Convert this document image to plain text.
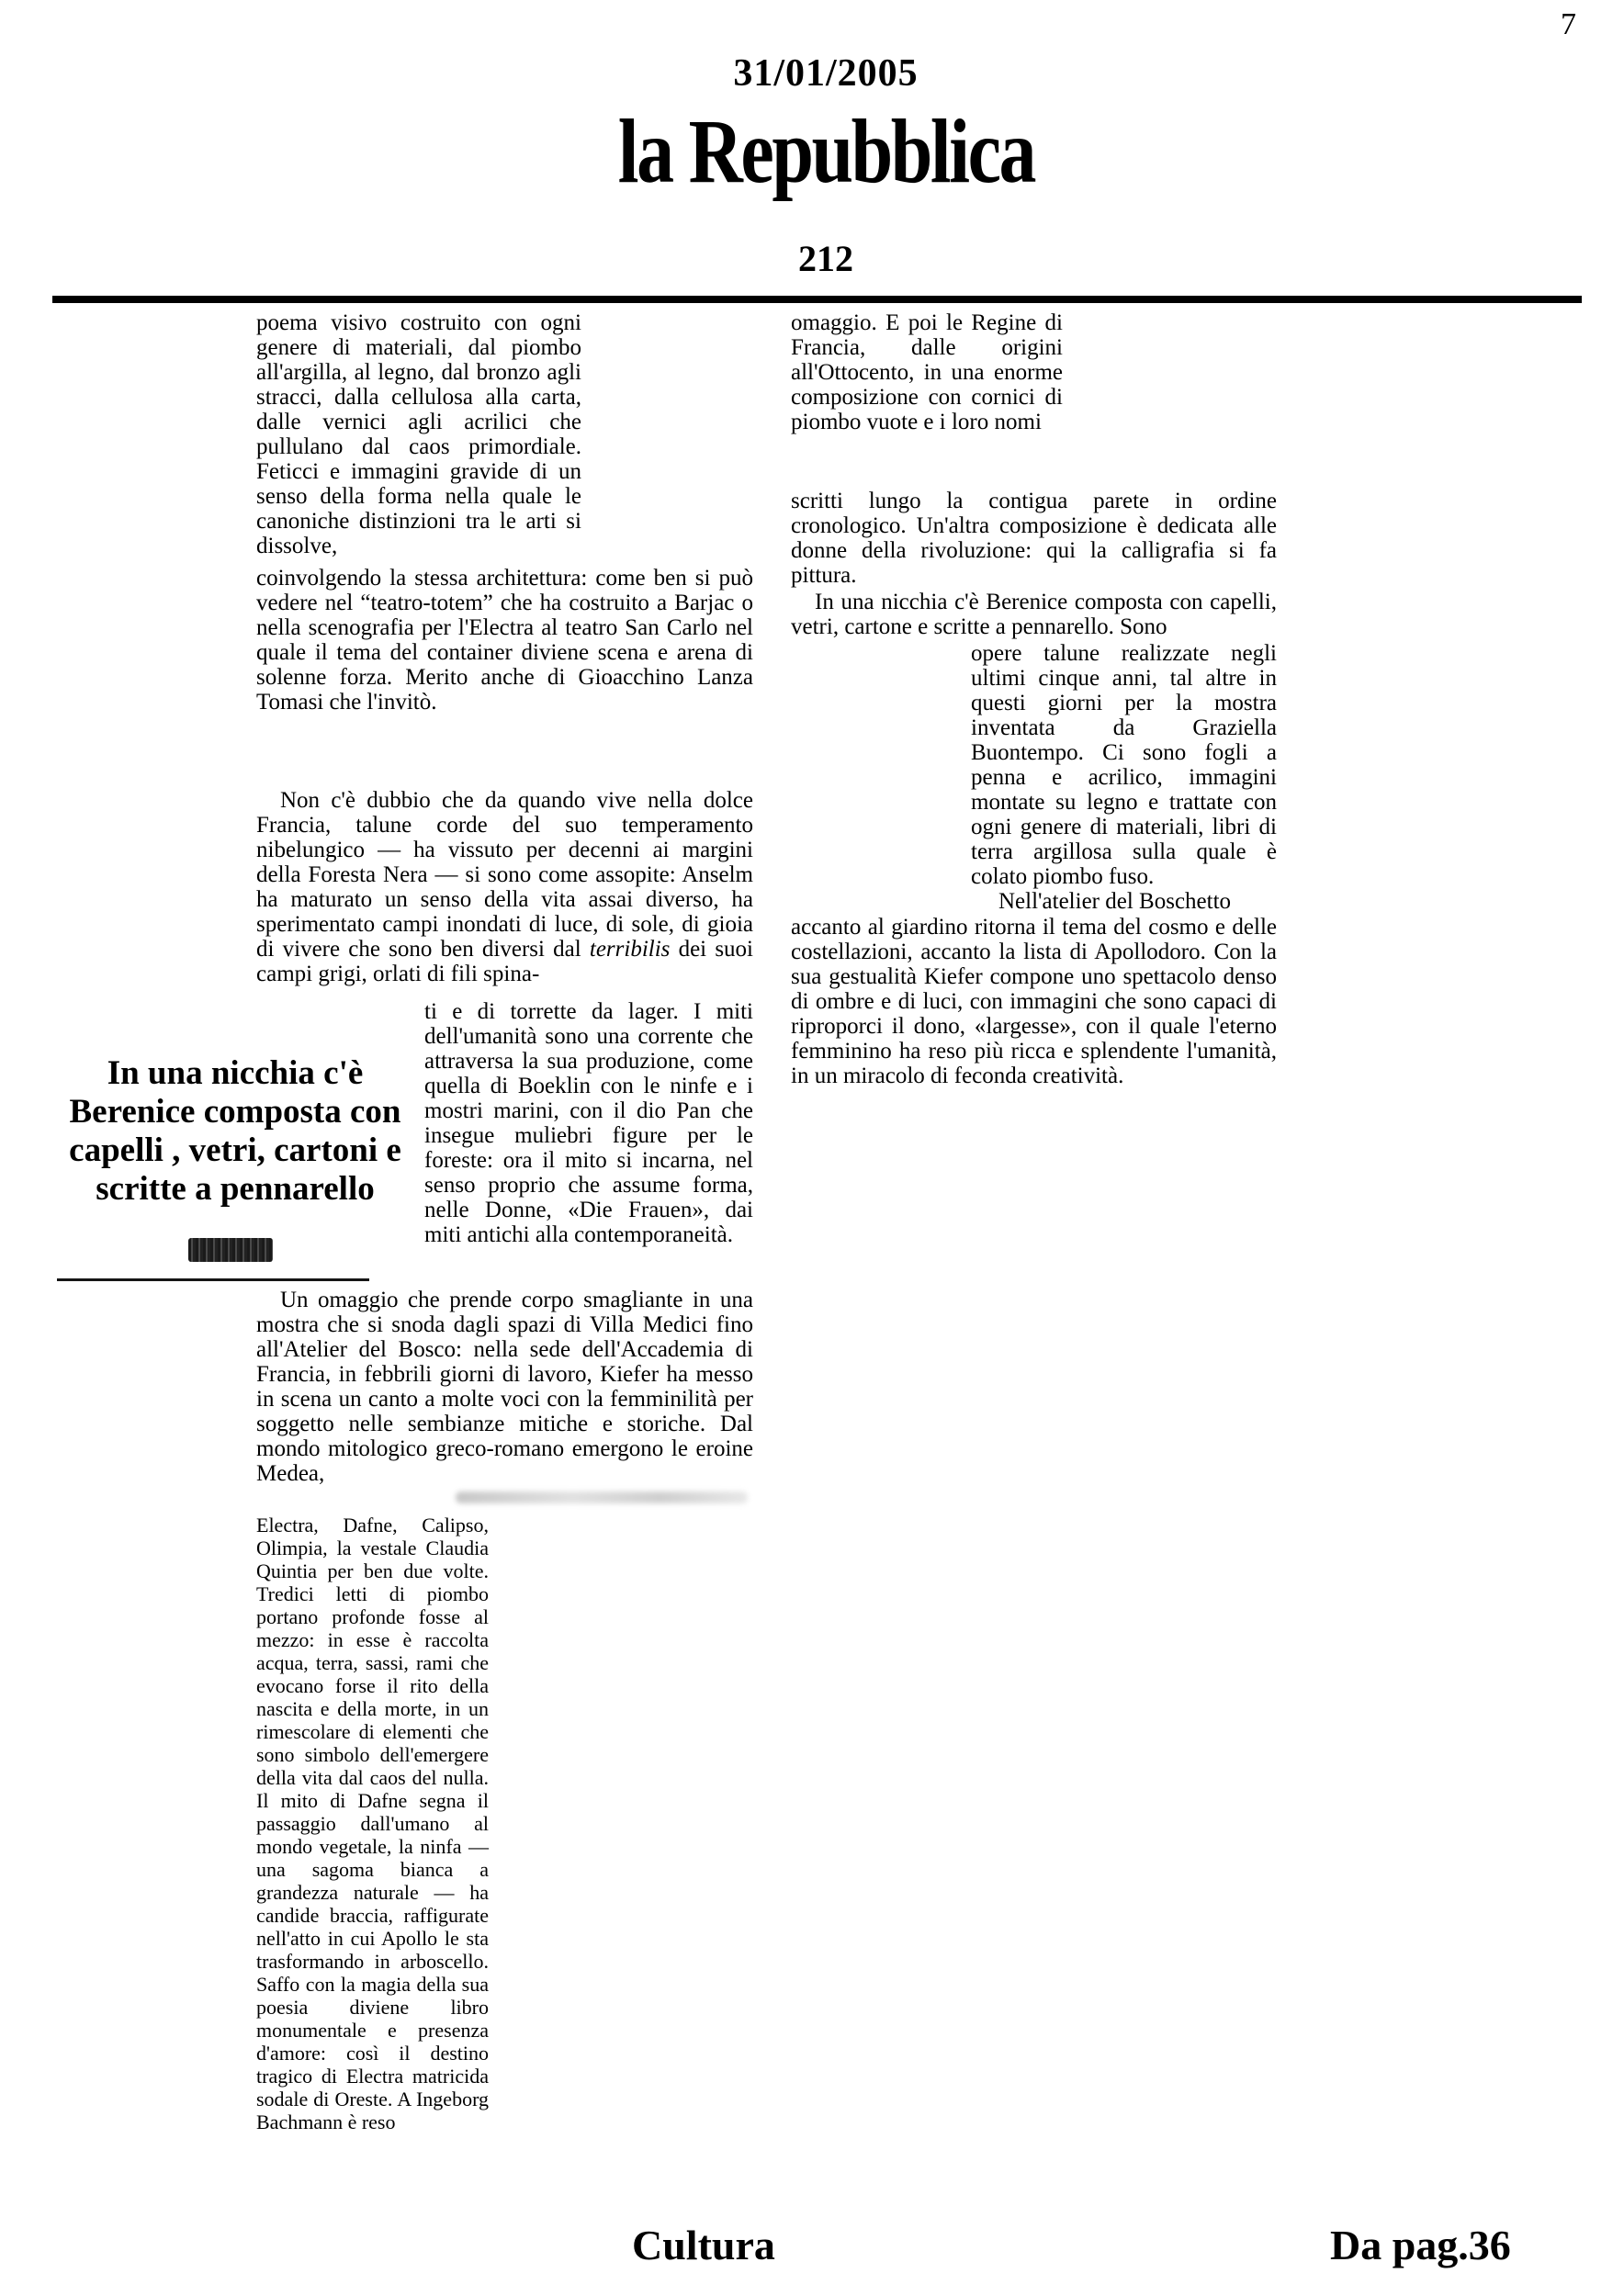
7
31/01/2005
la Repubblica
212

poema visivo costruito con ogni genere di materiali, dal piombo all'argilla, al legno, dal bronzo agli stracci, dalla cellulosa alla carta, dalle vernici agli acrilici che pullulano dal caos primordiale. Feticci e immagini gravide di un senso della forma nella quale le canoniche distinzioni tra le arti si dissolve,

coinvolgendo la stessa architettura: come ben si può vedere nel “teatro-totem” che ha costruito a Barjac o nella scenografia per l'Electra al teatro San Carlo nel quale il tema del container diviene scena e arena di solenne forza. Merito anche di Gioacchino Lanza Tomasi che l'invitò.

Non c'è dubbio che da quando vive nella dolce Francia, talune corde del suo temperamento nibelungico — ha vissuto per decenni ai margini della Foresta Nera — si sono come assopite: Anselm ha maturato un senso della vita assai diverso, ha sperimentato campi inondati di luce, di sole, di gioia di vivere che sono ben diversi dal terribilis dei suoi campi grigi, orlati di fili spina-

ti e di torrette da lager. I miti dell'umanità sono una corrente che attraversa la sua produzione, come quella di Boeklin con le ninfe e i mostri marini, con il dio Pan che insegue muliebri figure per le foreste: ora il mito si incarna, nel senso proprio che assume forma, nelle Donne, «Die Frauen», dai miti antichi alla contemporaneità.

In una nicchia c'è
Berenice composta con
capelli , vetri, cartoni e
scritte a pennarello

Un omaggio che prende corpo smagliante in una mostra che si snoda dagli spazi di Villa Medici fino all'Atelier del Bosco: nella sede dell'Accademia di Francia, in febbrili giorni di lavoro, Kiefer ha messo in scena un canto a molte voci con la femminilità per soggetto nelle sembianze mitiche e storiche. Dal mondo mitologico greco-romano emergono le eroine Medea,

Electra, Dafne, Calipso, Olimpia, la vestale Claudia Quintia per ben due volte. Tredici letti di piombo portano profonde fosse al mezzo: in esse è raccolta acqua, terra, sassi, rami che evocano forse il rito della nascita e della morte, in un rimescolare di elementi che sono simbolo dell'emergere della vita dal caos del nulla. Il mito di Dafne segna il passaggio dall'umano al mondo vegetale, la ninfa — una sagoma bianca a grandezza naturale — ha candide braccia, raffigurate nell'atto in cui Apollo le sta trasformando in arboscello. Saffo con la magia della sua poesia diviene libro monumentale e presenza d'amore: così il destino tragico di Electra matricida sodale di Oreste. A Ingeborg Bachmann è reso

omaggio. E poi le Regine di Francia, dalle origini all'Ottocento, in una enorme composizione con cornici di piombo vuote e i loro nomi

scritti lungo la contigua parete in ordine cronologico. Un'altra composizione è dedicata alle donne della rivoluzione: qui la calligrafia si fa pittura.

In una nicchia c'è Berenice composta con capelli, vetri, cartone e scritte a pennarello. Sono

opere talune realizzate negli ultimi cinque anni, tal altre in questi giorni per la mostra inventata da Graziella Buontempo. Ci sono fogli a penna e acrilico, immagini montate su legno e trattate con ogni genere di materiali, libri di terra argillosa sulla quale è colato piombo fuso.

Nell'atelier del Boschetto

accanto al giardino ritorna il tema del cosmo e delle costellazioni, accanto la lista di Apollodoro. Con la sua gestualità Kiefer compone uno spettacolo denso di ombre e di luci, con immagini che sono capaci di riproporci il dono, «largesse», con il quale l'eterno femminino ha reso più ricca e splendente l'umanità, in un miracolo di feconda creatività.

Cultura	Da pag.36
